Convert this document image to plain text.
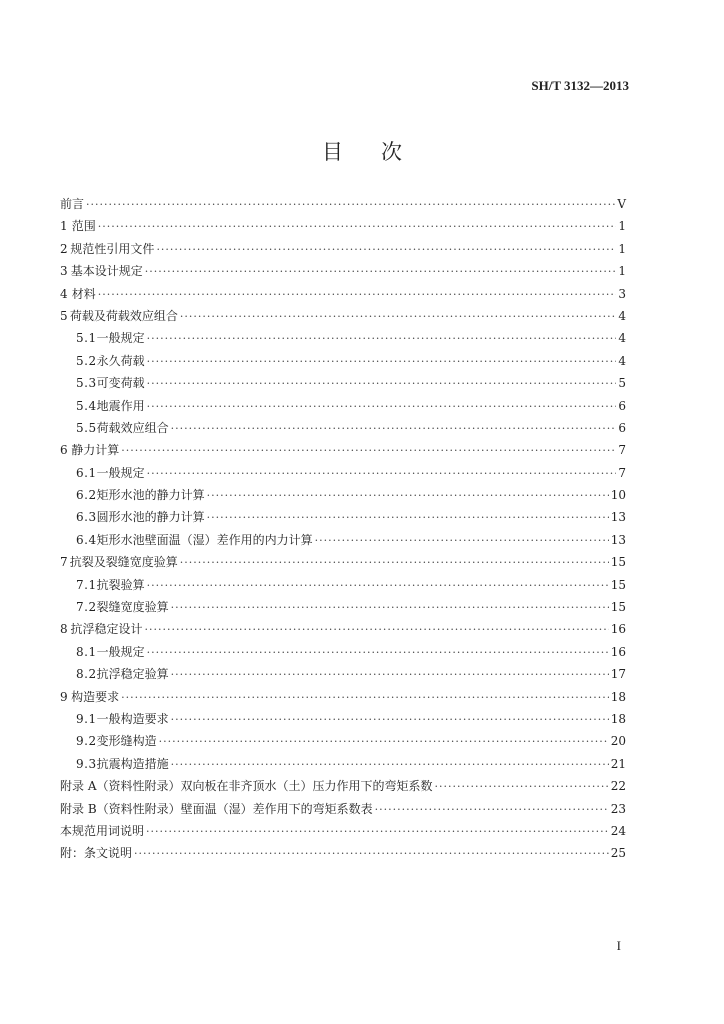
SH/T 3132—2013
目 次
前言 ·····	V
1 范围 ·····	1
2 规范性引用文件 ·····	1
3 基本设计规定 ·····	1
4 材料 ·····	3
5 荷载及荷载效应组合 ·····	4
5.1 一般规定 ·····	4
5.2 永久荷载 ·····	4
5.3 可变荷载 ·····	5
5.4 地震作用 ·····	6
5.5 荷载效应组合 ·····	6
6 静力计算 ·····	7
6.1 一般规定 ·····	7
6.2 矩形水池的静力计算 ·····	10
6.3 圆形水池的静力计算 ·····	13
6.4 矩形水池壁面温（湿）差作用的内力计算 ·····	13
7 抗裂及裂缝宽度验算 ·····	15
7.1 抗裂验算 ·····	15
7.2 裂缝宽度验算 ·····	15
8 抗浮稳定设计 ·····	16
8.1 一般规定 ·····	16
8.2 抗浮稳定验算 ·····	17
9 构造要求 ·····	18
9.1 一般构造要求 ·····	18
9.2 变形缝构造 ·····	20
9.3 抗震构造措施 ·····	21
附录 A（资料性附录）双向板在非齐顶水（土）压力作用下的弯矩系数 ·····	22
附录 B（资料性附录）壁面温（湿）差作用下的弯矩系数表 ·····	23
本规范用词说明 ·····	24
附：条文说明 ·····	25
I
